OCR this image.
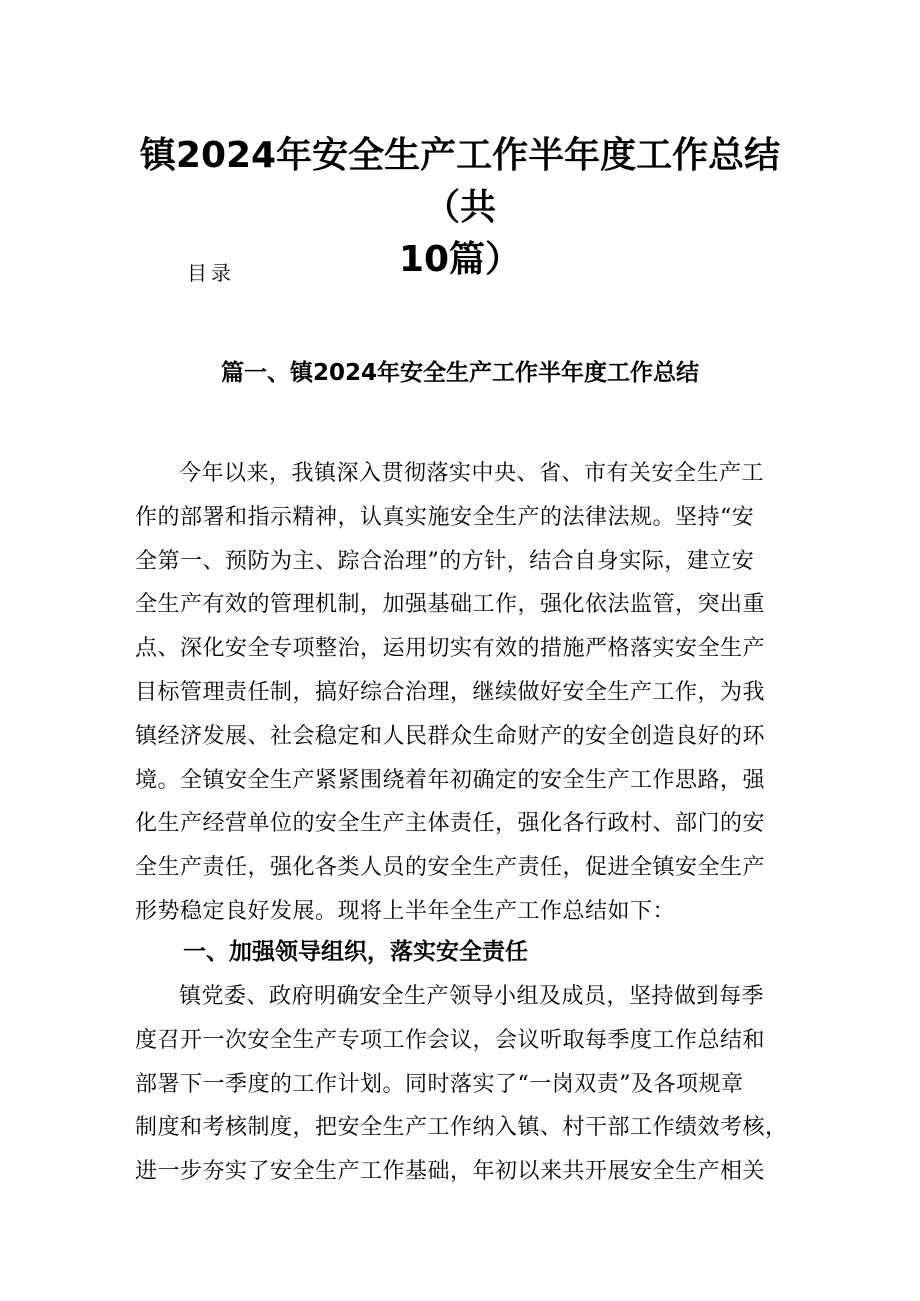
镇2024年安全生产工作半年度工作总结（共
10篇）
目录
篇一、镇2024年安全生产工作半年度工作总结

今年以来，我镇深入贯彻落实中央、省、市有关安全生产工
作的部署和指示精神，认真实施安全生产的法律法规。坚持“安
全第一、预防为主、踪合治理”的方针，结合自身实际，建立安
全生产有效的管理机制，加强基础工作，强化依法监管，突出重
点、深化安全专项整治，运用切实有效的措施严格落实安全生产
目标管理责任制，搞好综合治理，继续做好安全生产工作，为我
镇经济发展、社会稳定和人民群众生命财产的安全创造良好的环
境。全镇安全生产紧紧围绕着年初确定的安全生产工作思路，强
化生产经营单位的安全生产主体责任，强化各行政村、部门的安
全生产责任，强化各类人员的安全生产责任，促进全镇安全生产
形势稳定良好发展。现将上半年全生产工作总结如下：

一、加强领导组织，落实安全责任

镇党委、政府明确安全生产领导小组及成员，坚持做到每季
度召开一次安全生产专项工作会议，会议听取每季度工作总结和
部署下一季度的工作计划。同时落实了“一岗双责”及各项规章
制度和考核制度，把安全生产工作纳入镇、村干部工作绩效考核，
进一步夯实了安全生产工作基础，年初以来共开展安全生产相关
